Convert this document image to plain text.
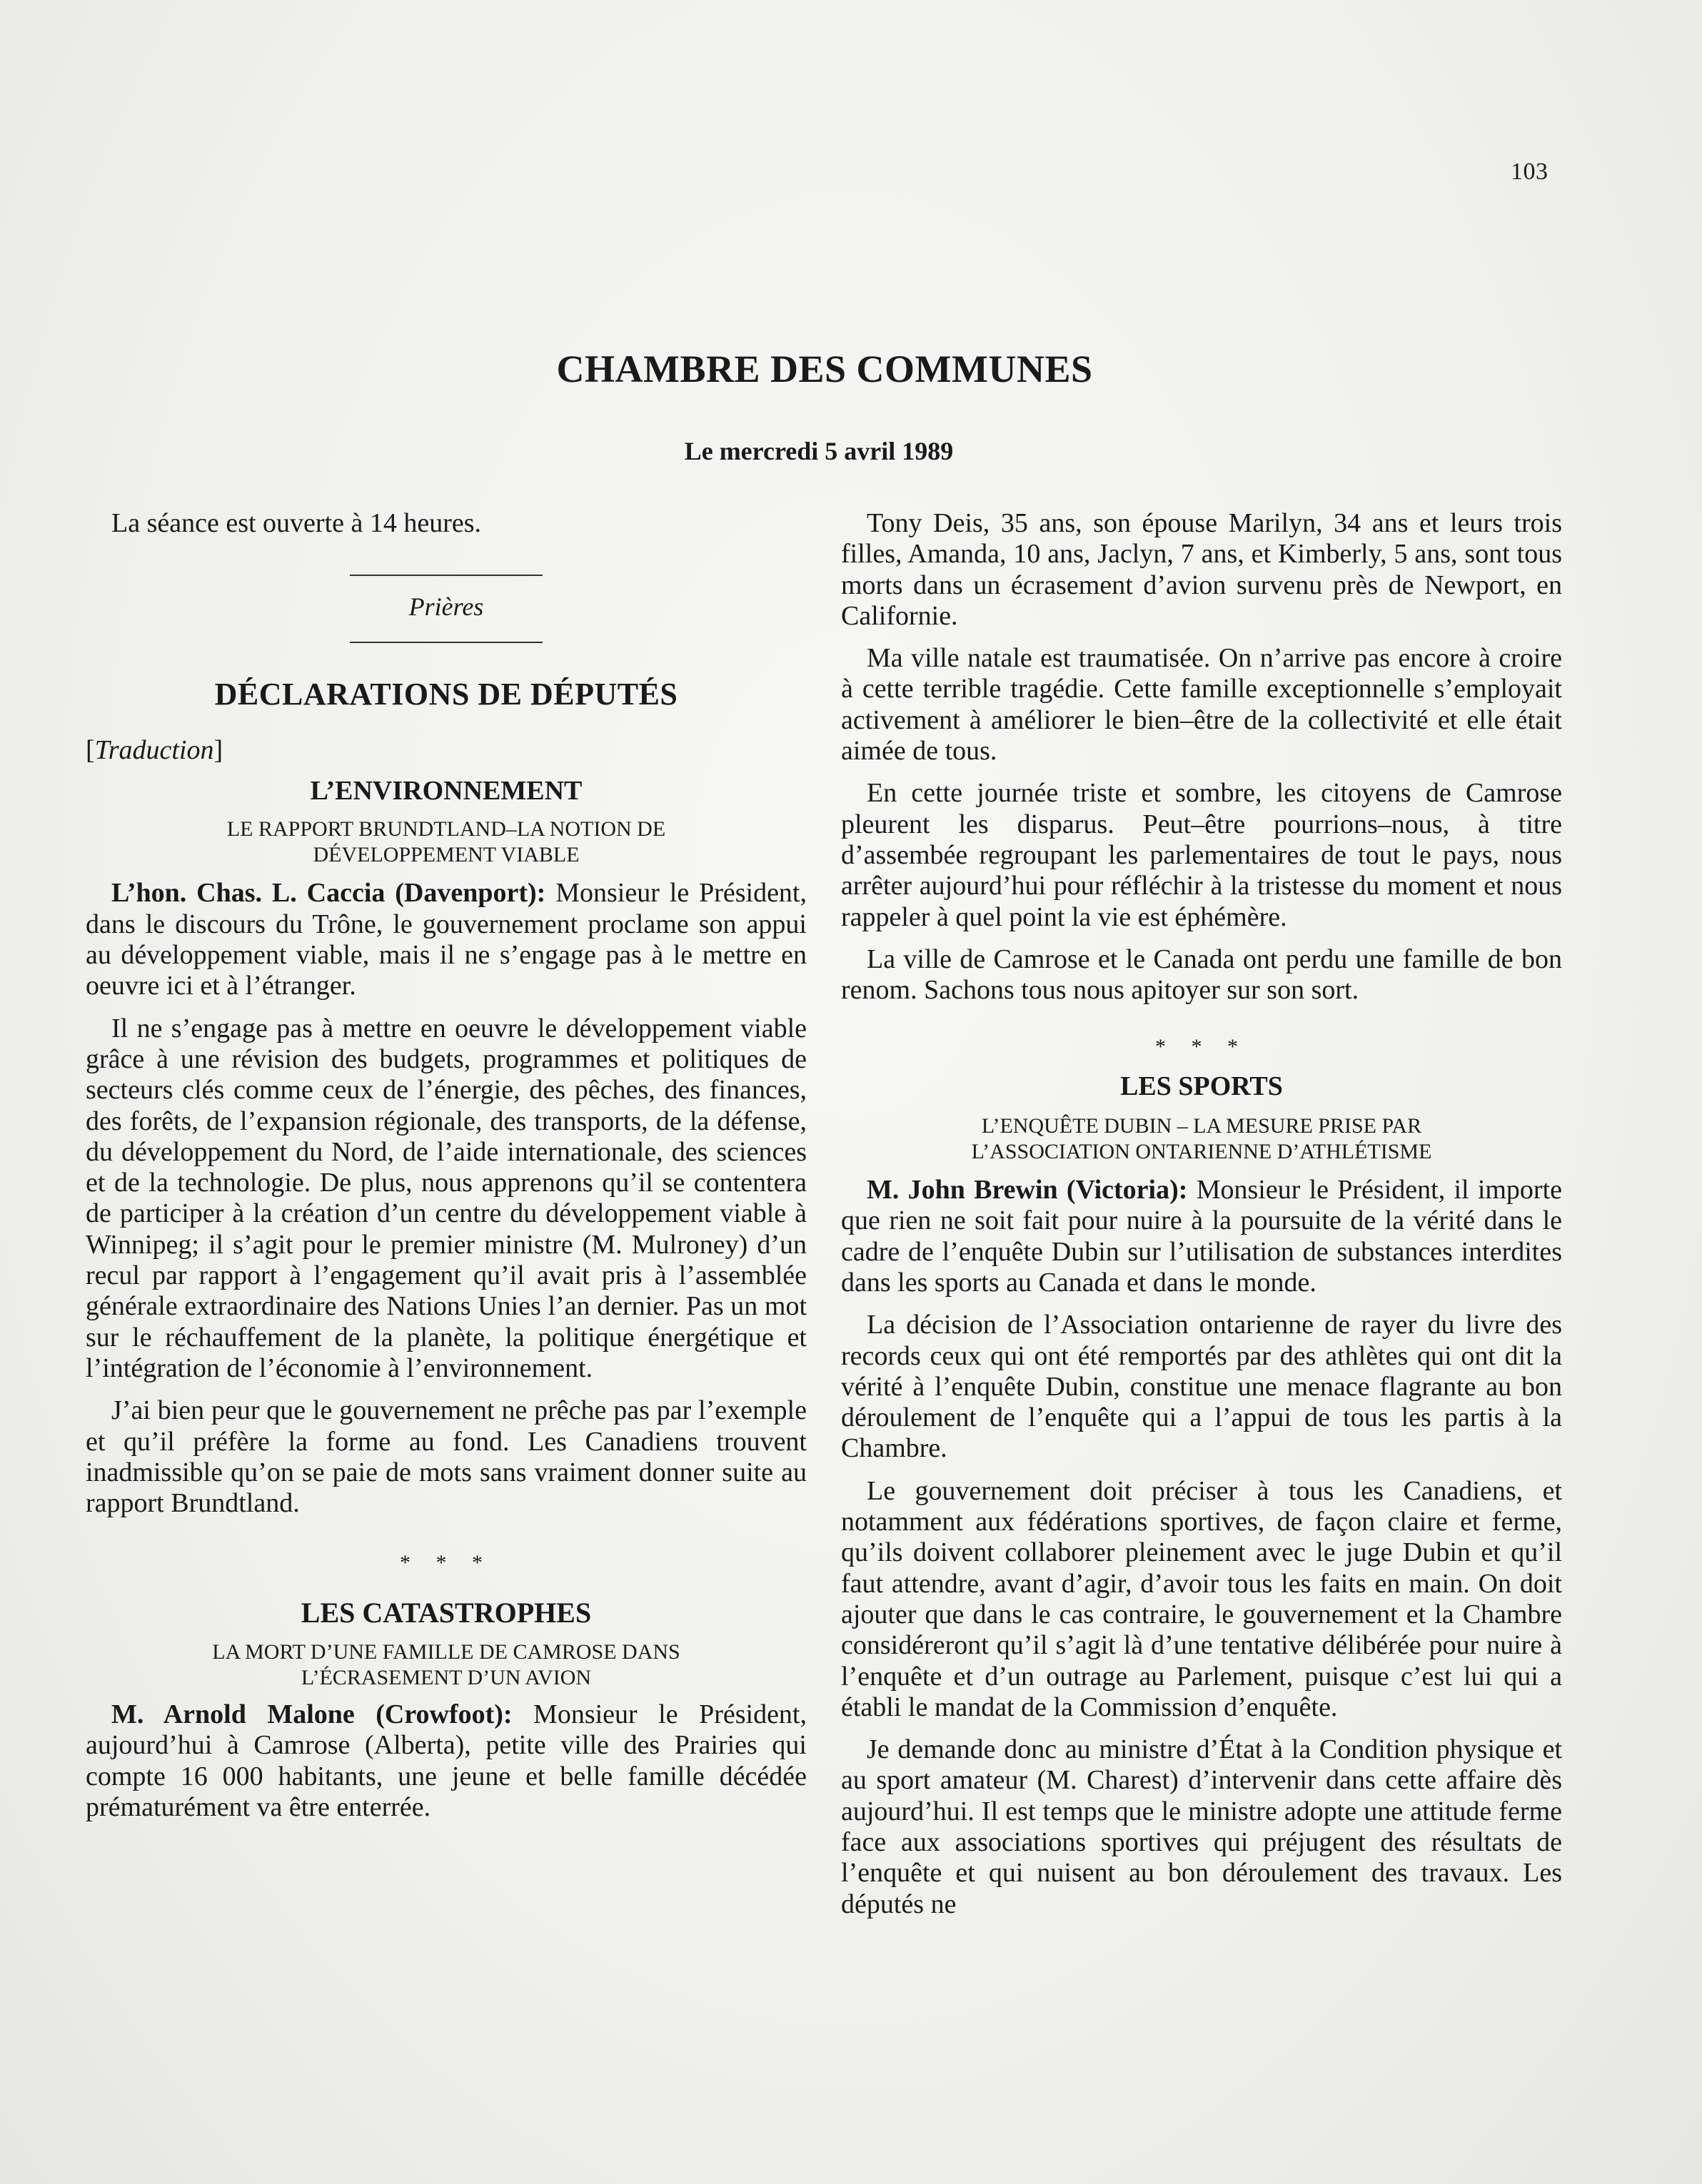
103
CHAMBRE DES COMMUNES
Le mercredi 5 avril 1989

La séance est ouverte à 14 heures.

Prières
DÉCLARATIONS DE DÉPUTÉS
[Traduction]
L’ENVIRONNEMENT
LE RAPPORT BRUNDTLAND–LA NOTION DE
DÉVELOPPEMENT VIABLE

L’hon. Chas. L. Caccia (Davenport): Monsieur le Président, dans le discours du Trône, le gouvernement proclame son appui au développement viable, mais il ne s’engage pas à le mettre en oeuvre ici et à l’étranger.

Il ne s’engage pas à mettre en oeuvre le développement viable grâce à une révision des budgets, programmes et politiques de secteurs clés comme ceux de l’énergie, des pêches, des finances, des forêts, de l’expansion régionale, des transports, de la défense, du développement du Nord, de l’aide internationale, des sciences et de la technologie. De plus, nous apprenons qu’il se contentera de participer à la création d’un centre du développement viable à Winnipeg; il s’agit pour le premier ministre (M. Mulroney) d’un recul par rapport à l’engagement qu’il avait pris à l’assemblée générale extraordinaire des Nations Unies l’an dernier. Pas un mot sur le réchauffement de la planète, la politique énergétique et l’intégration de l’économie à l’environnement.

J’ai bien peur que le gouvernement ne prêche pas par l’exemple et qu’il préfère la forme au fond. Les Canadiens trouvent inadmissible qu’on se paie de mots sans vraiment donner suite au rapport Brundtland.

* * *
LES CATASTROPHES
LA MORT D’UNE FAMILLE DE CAMROSE DANS
L’ÉCRASEMENT D’UN AVION

M. Arnold Malone (Crowfoot): Monsieur le Président, aujourd’hui à Camrose (Alberta), petite ville des Prairies qui compte 16 000 habitants, une jeune et belle famille décédée prématurément va être enterrée.

Tony Deis, 35 ans, son épouse Marilyn, 34 ans et leurs trois filles, Amanda, 10 ans, Jaclyn, 7 ans, et Kimberly, 5 ans, sont tous morts dans un écrasement d’avion survenu près de Newport, en Californie.

Ma ville natale est traumatisée. On n’arrive pas encore à croire à cette terrible tragédie. Cette famille exceptionnelle s’employait activement à améliorer le bien–être de la collectivité et elle était aimée de tous.

En cette journée triste et sombre, les citoyens de Camrose pleurent les disparus. Peut–être pourrions–nous, à titre d’assembée regroupant les parlementaires de tout le pays, nous arrêter aujourd’hui pour réfléchir à la tristesse du moment et nous rappeler à quel point la vie est éphémère.

La ville de Camrose et le Canada ont perdu une famille de bon renom. Sachons tous nous apitoyer sur son sort.

* * *
LES SPORTS
L’ENQUÊTE DUBIN – LA MESURE PRISE PAR
L’ASSOCIATION ONTARIENNE D’ATHLÉTISME

M. John Brewin (Victoria): Monsieur le Président, il importe que rien ne soit fait pour nuire à la poursuite de la vérité dans le cadre de l’enquête Dubin sur l’utilisation de substances interdites dans les sports au Canada et dans le monde.

La décision de l’Association ontarienne de rayer du livre des records ceux qui ont été remportés par des athlètes qui ont dit la vérité à l’enquête Dubin, constitue une menace flagrante au bon déroulement de l’enquête qui a l’appui de tous les partis à la Chambre.

Le gouvernement doit préciser à tous les Canadiens, et notamment aux fédérations sportives, de façon claire et ferme, qu’ils doivent collaborer pleinement avec le juge Dubin et qu’il faut attendre, avant d’agir, d’avoir tous les faits en main. On doit ajouter que dans le cas contraire, le gouvernement et la Chambre considéreront qu’il s’agit là d’une tentative délibérée pour nuire à l’enquête et d’un outrage au Parlement, puisque c’est lui qui a établi le mandat de la Commission d’enquête.

Je demande donc au ministre d’État à la Condition physique et au sport amateur (M. Charest) d’intervenir dans cette affaire dès aujourd’hui. Il est temps que le ministre adopte une attitude ferme face aux associations sportives qui préjugent des résultats de l’enquête et qui nuisent au bon déroulement des travaux. Les députés ne
